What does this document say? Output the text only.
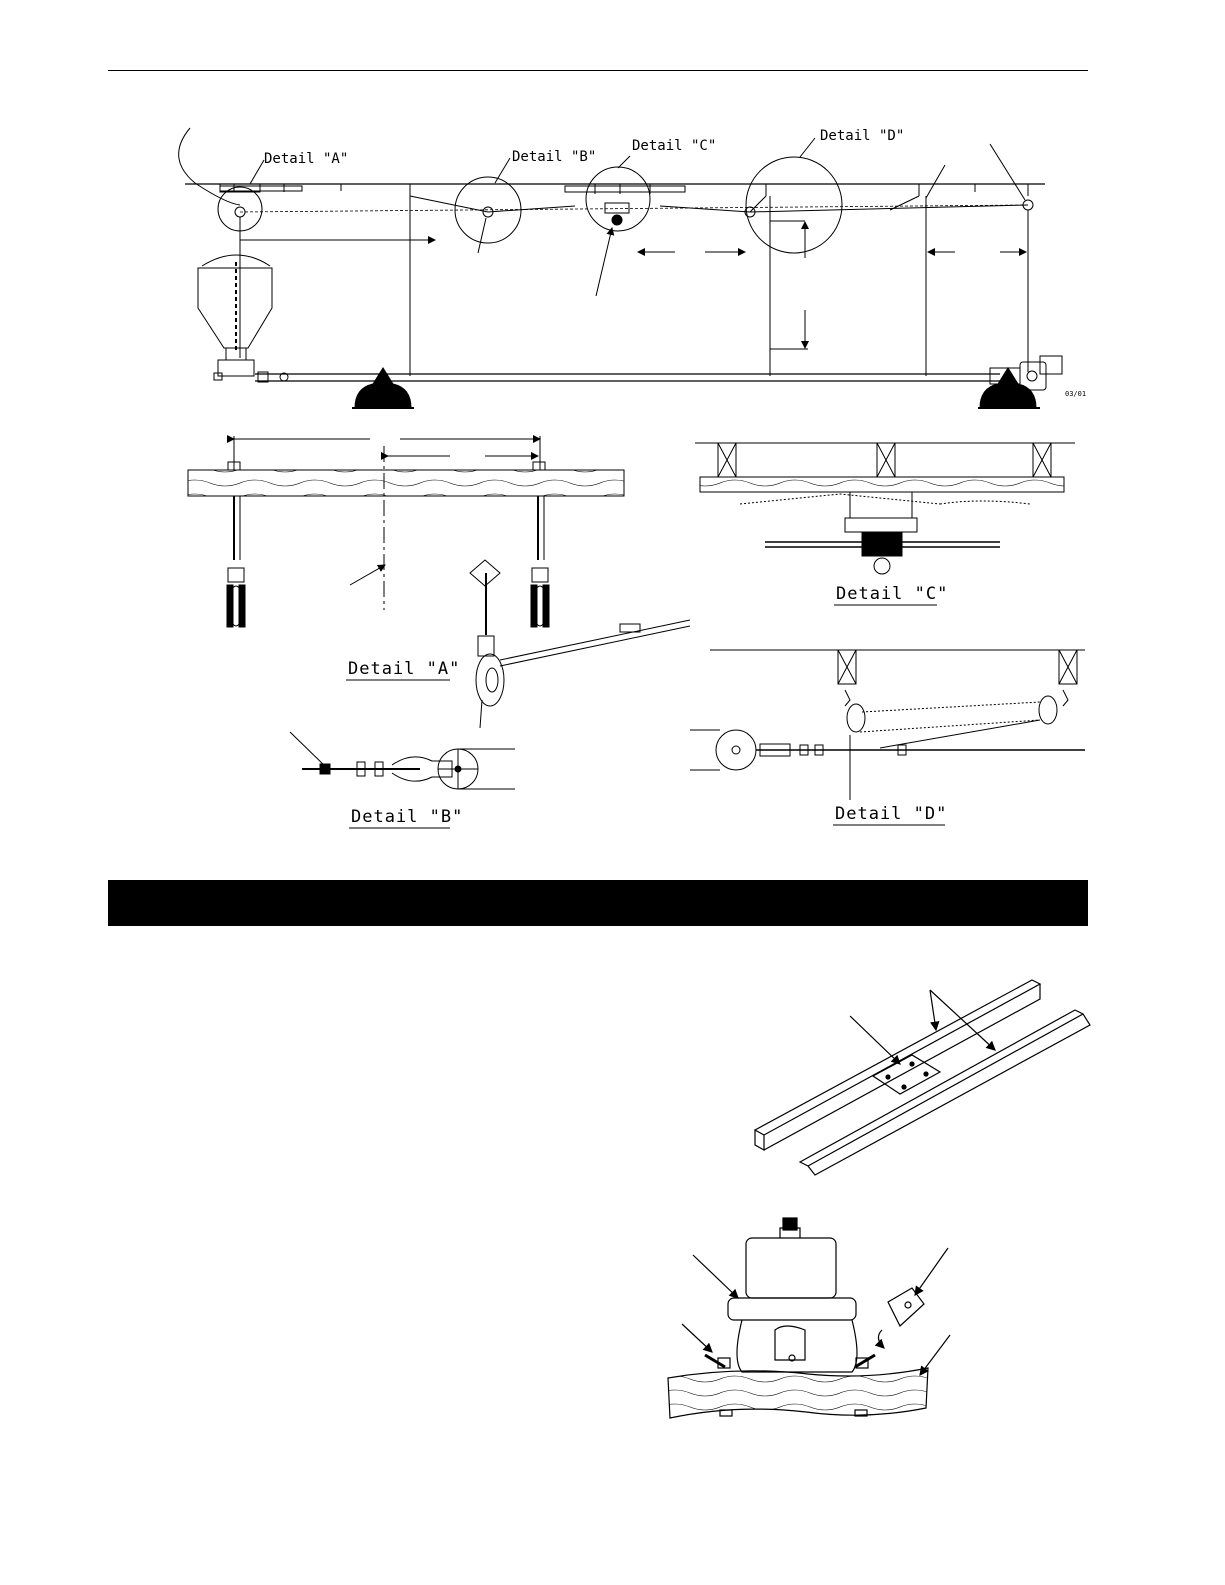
03/01
Detail "A"	Detail "B"
Detail "C"
Detail "D"
Detail "A"
Detail "B"
Detail "C"
Detail "D"
